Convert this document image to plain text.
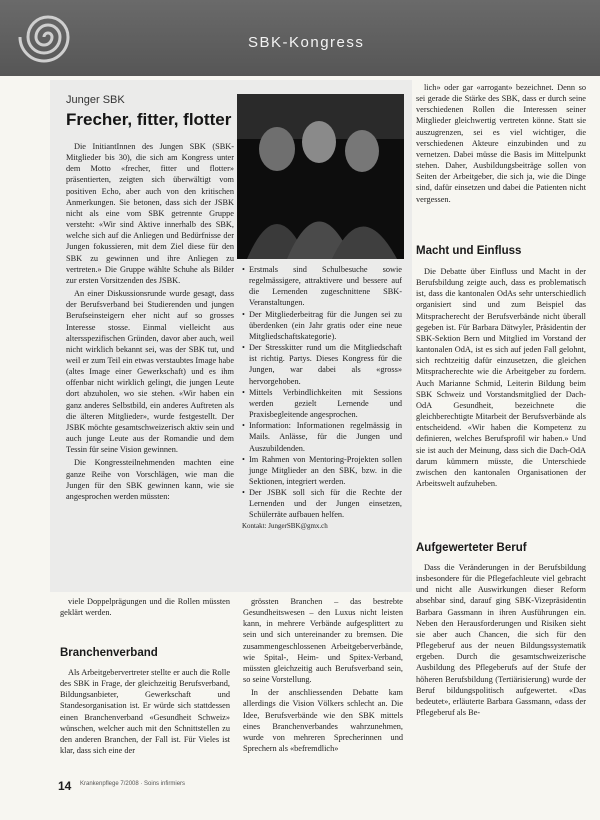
SBK-Kongress
Junger SBK
Frecher, fitter, flotter

Die InitiantInnen des Jungen SBK (SBK-Mitglieder bis 30), die sich am Kongress unter dem Motto «frecher, fitter und flotter» präsentierten, zeigten sich überwältigt vom positiven Echo, aber auch von den kritischen Anmerkungen. Sie betonen, dass sich der JSBK nicht als eine vom SBK getrennte Gruppe versteht: «Wir sind Aktive innerhalb des SBK, welche sich auf die Anliegen und Bedürfnisse der Jungen fokussieren, mit dem Ziel diese für den SBK zu gewinnen und ihre Anliegen zu vertreten.» Die Gruppe wählte Schuhe als Bilder zur ersten Vorsitzenden des JSBK.

An einer Diskussionsrunde wurde gesagt, dass der Berufsverband bei Studierenden und jungen Berufseinsteigern eher nicht auf so grosses Interesse stosse. Einmal vielleicht aus altersspezifischen Gründen, davor aber auch, weil nicht wirklich bekannt sei, was der SBK tut, und weil er zum Teil ein etwas verstaubtes Image habe (altes Image einer Gewerkschaft) und es ihm offenbar nicht wirklich gelingt, die jungen Leute dort abzuholen, wo sie stehen. «Wir haben ein ganz anderes Selbstbild, ein anderes Auftreten als die älteren Mitglieder», wurde festgestellt. Der JSBK möchte gesamtschweizerisch aktiv sein und auch junge Leute aus der Romandie und dem Tessin für seine Vision gewinnen.

Die Kongressteilnehmenden machten eine ganze Reihe von Vorschlägen, wie man die Jungen für den SBK gewinnen kann, wie sie angesprochen werden müssten:

• Erstmals sind Schulbesuche sowie regelmässigere, attraktivere und bessere auf die Lernenden zugeschnittene SBK-Veranstaltungen.
• Der Mitgliederbeitrag für die Jungen sei zu überdenken (ein Jahr gratis oder eine neue Mitgliedschaftskategorie).
• Der Stresskitter rund um die Mitgliedschaft ist richtig. Partys. Dieses Kongress für die Jungen, war dabei als «gross» hervorgehoben.
• Mittels Verbindlichkeiten mit Sessions werden gezielt Lernende und Praxisbegleitende angesprochen.
• Information: Informationen regelmässig in Mails. Anlässe, für die Jungen und Auszubildenden.
• Im Rahmen von Mentoring-Projekten sollen junge Mitglieder an den SBK, bzw. in die Sektionen, integriert werden.
• Der JSBK soll sich für die Rechte der Lernenden und der Jungen einsetzen, Schülerräte aufbauen helfen.

Kontakt: JungerSBK@gmx.ch

viele Doppelprägungen und die Rollen müssten geklärt werden.

Branchenverband

Als Arbeitgebervertreter stellte er auch die Rolle des SBK in Frage, der gleichzeitig Berufsverband, Bildungsanbieter, Gewerkschaft und Standesorganisation ist. Er würde sich stattdessen einen Branchenverband «Gesundheit Schweiz» wünschen, welcher auch mit den Schnittstellen zu den anderen Branchen, der Fall ist. Für Vieles ist klar, dass sich eine der

grössten Branchen – das bestrebte Gesundheitswesen – den Luxus nicht leisten kann, in mehrere Verbände aufgesplittert zu sein und sich untereinander zu bremsen. Die zusammengeschlossenen Arbeitgeberverbände, wie Spital-, Heim- und Spitex-Verband, müssten gleichzeitig auch Berufsverband sein, so seine Vorstellung.

In der anschliessenden Debatte kam allerdings die Vision Völkers schlecht an. Die Idee, Berufsverbände wie den SBK mittels eines Branchenverbandes wahrzunehmen, wurde von mehreren Sprecherinnen und Sprechern als «befremdlich»

lich» oder gar «arrogant» bezeichnet. Denn so sei gerade die Stärke des SBK, dass er durch seine verschiedenen Rollen die Interessen seiner Mitglieder gleichwertig vertreten könne. Statt sie auszugrenzen, sei es viel wichtiger, die verschiedenen Akteure einzubinden und zu vernetzen. Dabei müsse die Basis im Mittelpunkt stehen. Daher, Ausbildungsbeiträge sollen von Seiten der Arbeitgeber, die sich ja, wie die Dinge sind, dafür einsetzen und dabei die Patienten nicht vergessen.

Macht und Einfluss

Die Debatte über Einfluss und Macht in der Berufsbildung zeigte auch, dass es problematisch ist, dass die kantonalen OdAs sehr unterschiedlich organisiert sind und zum Beispiel das Mitspracherecht der Berufsverbände nicht überall gegeben ist. Für Barbara Dätwyler, Präsidentin der SBK-Sektion Bern und Mitglied im Vorstand der kantonalen OdA, ist es sich auf jeden Fall gelohnt, sich rechtzeitig dafür einzusetzen, die gleichen Mitspracherechte wie die Arbeitgeber zu fordern. Auch Marianne Schmid, Leiterin Bildung beim SBK Schweiz und Vorstandsmitglied der Dach-OdA Gesundheit, bezeichnete die gleichberechtigte Mitarbeit der Berufsverbände als entscheidend. «Wir haben die Kompetenz zu definieren, welches Berufsprofil wir haben.» Und sie ist auch der Meinung, dass sich die Dach-OdA darum kümmern müsste, die Unterschiede zwischen den kantonalen Organisationen der Arbeitswelt aufzuheben.

Aufgewerteter Beruf

Dass die Veränderungen in der Berufsbildung insbesondere für die Pflegefachleute viel gebracht und nicht alle Auswirkungen dieser Reform absehbar sind, darauf ging SBK-Vizepräsidentin Barbara Gassmann in ihren Ausführungen ein. Neben den Herausforderungen und Risiken sieht sie aber auch Chancen, die sich für den Pflegeberuf aus der neuen Bildungssystematik ergeben. Durch die gesamtschweizerische Ausbildung des Pflegeberufs auf der Stufe der höheren Berufsbildung (Tertiärisierung) wurde der Beruf bildungspolitisch aufgewertet. «Das bedeutet», erläuterte Barbara Gassmann, «dass der Pflegeberuf als Be-

14 Krankenpflege 7/2008 · Soins infirmiers
